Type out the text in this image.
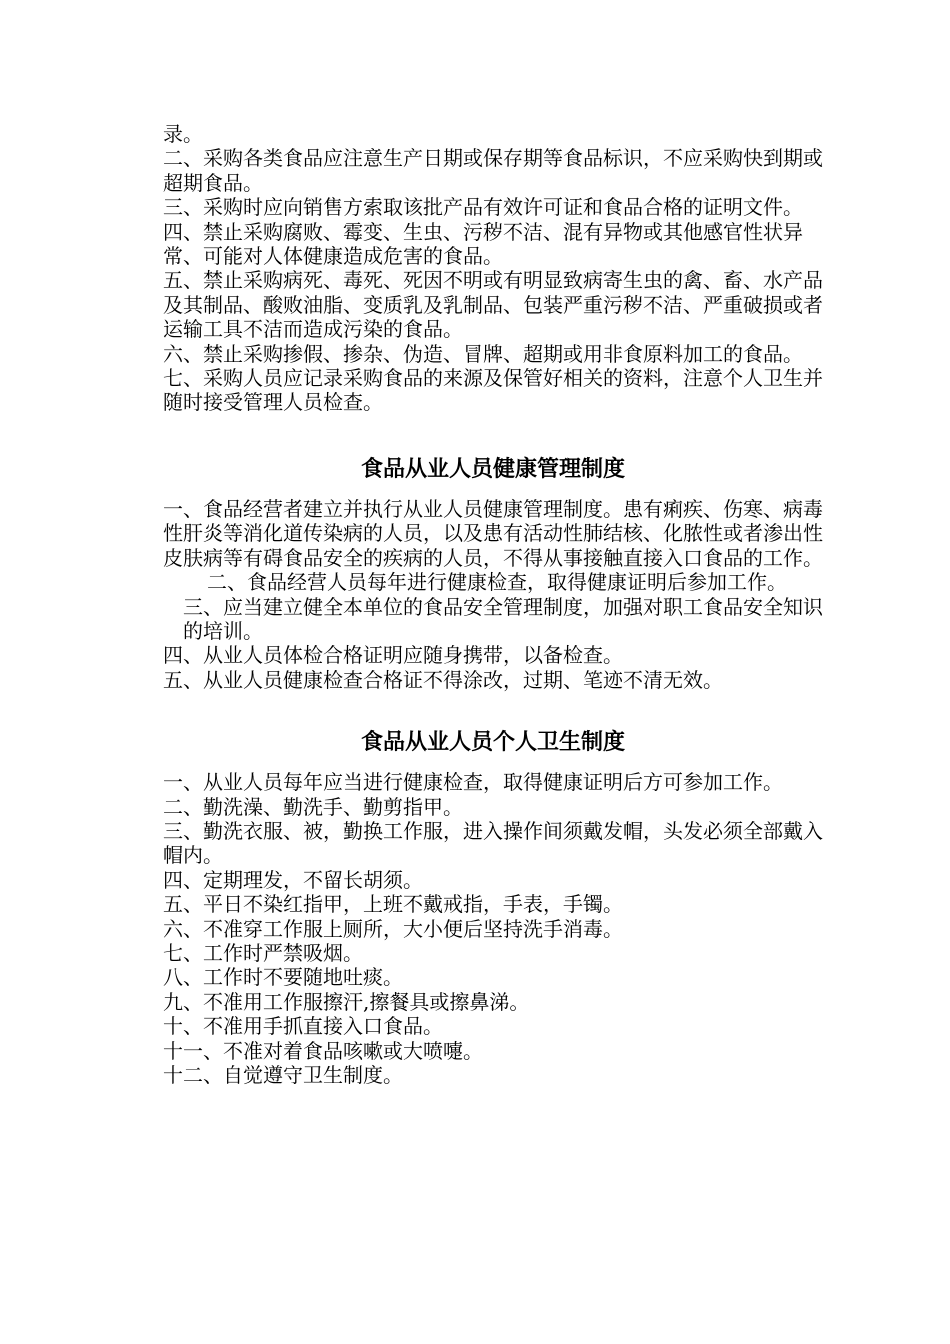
录。

二、采购各类食品应注意生产日期或保存期等食品标识，不应采购快到期或超期食品。

三、采购时应向销售方索取该批产品有效许可证和食品合格的证明文件。

四、禁止采购腐败、霉变、生虫、污秽不洁、混有异物或其他感官性状异常、可能对人体健康造成危害的食品。

五、禁止采购病死、毒死、死因不明或有明显致病寄生虫的禽、畜、水产品及其制品、酸败油脂、变质乳及乳制品、包装严重污秽不洁、严重破损或者运输工具不洁而造成污染的食品。

六、禁止采购掺假、掺杂、伪造、冒牌、超期或用非食原料加工的食品。

七、采购人员应记录采购食品的来源及保管好相关的资料，注意个人卫生并随时接受管理人员检查。

食品从业人员健康管理制度

一、食品经营者建立并执行从业人员健康管理制度。患有痢疾、伤寒、病毒性肝炎等消化道传染病的人员，以及患有活动性肺结核、化脓性或者渗出性皮肤病等有碍食品安全的疾病的人员，不得从事接触直接入口食品的工作。

二、食品经营人员每年进行健康检查，取得健康证明后参加工作。

三、应当建立健全本单位的食品安全管理制度，加强对职工食品安全知识的培训。

四、从业人员体检合格证明应随身携带，以备检查。

五、从业人员健康检查合格证不得涂改，过期、笔迹不清无效。

食品从业人员个人卫生制度

一、从业人员每年应当进行健康检查，取得健康证明后方可参加工作。

二、勤洗澡、勤洗手、勤剪指甲。

三、勤洗衣服、被，勤换工作服，进入操作间须戴发帽，头发必须全部戴入帽内。

四、定期理发，不留长胡须。

五、平日不染红指甲，上班不戴戒指，手表，手镯。

六、不准穿工作服上厕所，大小便后坚持洗手消毒。

七、工作时严禁吸烟。

八、工作时不要随地吐痰。

九、不准用工作服擦汗,擦餐具或擦鼻涕。

十、不准用手抓直接入口食品。

十一、不准对着食品咳嗽或大喷嚏。

十二、自觉遵守卫生制度。
